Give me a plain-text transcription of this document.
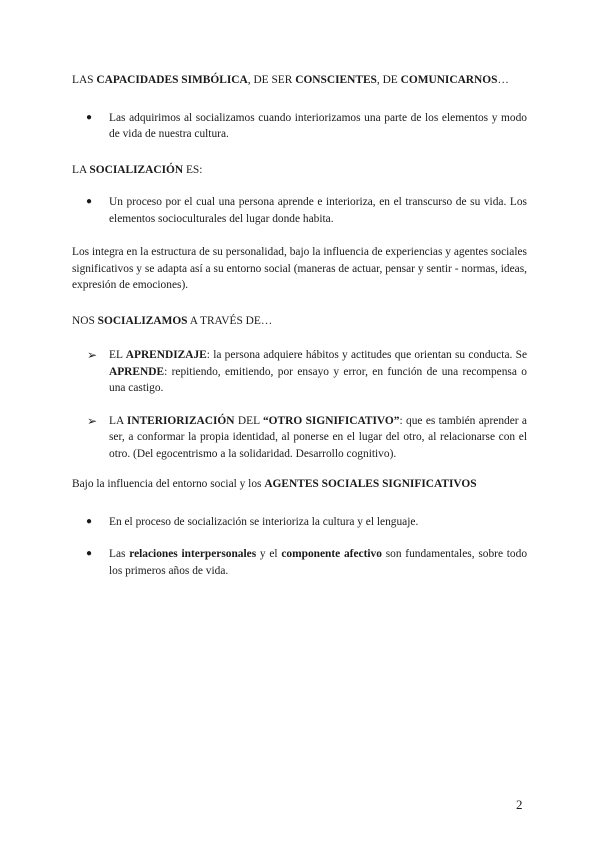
LAS CAPACIDADES SIMBÓLICA, DE SER CONSCIENTES, DE COMUNICARNOS…

● Las adquirimos al socializamos cuando interiorizamos una parte de los elementos y modo de vida de nuestra cultura.

LA SOCIALIZACIÓN ES:

● Un proceso por el cual una persona aprende e interioriza, en el transcurso de su vida. Los elementos socioculturales del lugar donde habita.

Los integra en la estructura de su personalidad, bajo la influencia de experiencias y agentes sociales significativos y se adapta así a su entorno social (maneras de actuar, pensar y sentir - normas, ideas, expresión de emociones).

NOS SOCIALIZAMOS A TRAVÉS DE…

➢ EL APRENDIZAJE: la persona adquiere hábitos y actitudes que orientan su conducta. Se APRENDE: repitiendo, emitiendo, por ensayo y error, en función de una recompensa o una castigo.

➢ LA INTERIORIZACIÓN DEL “OTRO SIGNIFICATIVO”: que es también aprender a ser, a conformar la propia identidad, al ponerse en el lugar del otro, al relacionarse con el otro. (Del egocentrismo a la solidaridad. Desarrollo cognitivo).

Bajo la influencia del entorno social y los AGENTES SOCIALES SIGNIFICATIVOS

● En el proceso de socialización se interioriza la cultura y el lenguaje.

● Las relaciones interpersonales y el componente afectivo son fundamentales, sobre todo los primeros años de vida.

2
